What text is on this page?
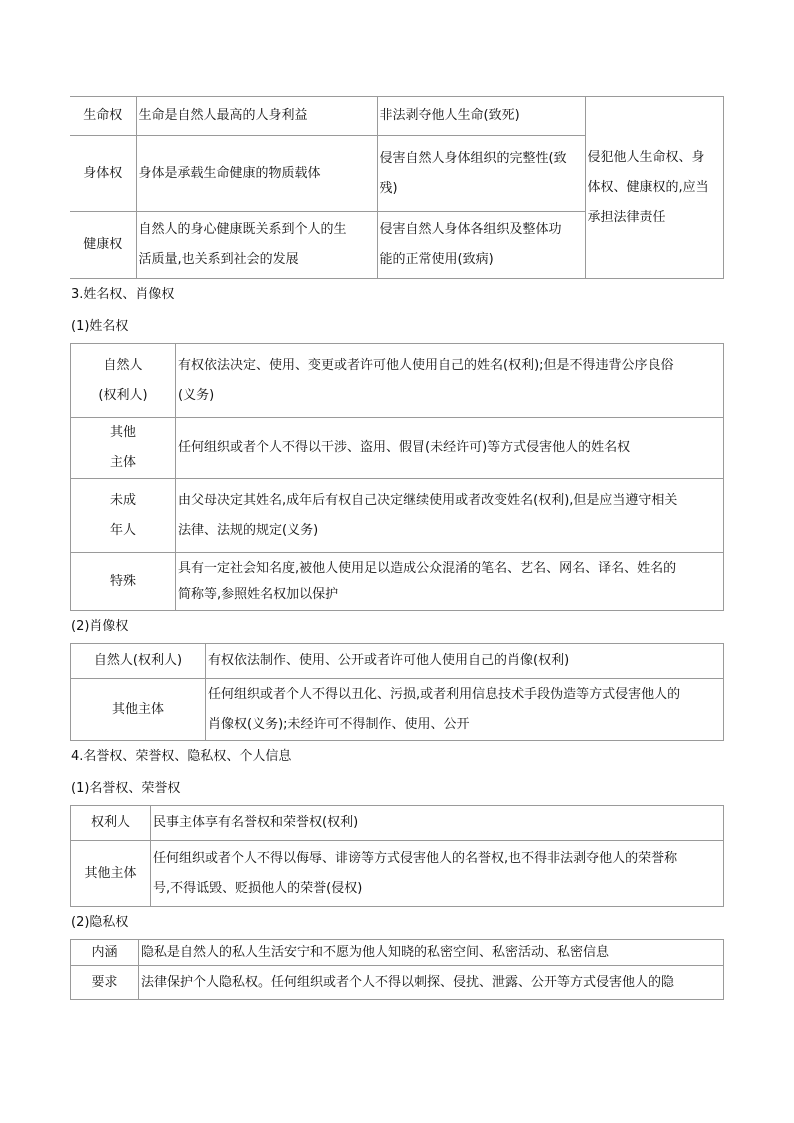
生命权	生命是自然人最高的人身利益	非法剥夺他人生命(致死)	侵犯他人生命权、身
体权、健康权的,应当
承担法律责任

身体权	身体是承载生命健康的物质载体	侵害自然人身体组织的完整性(致
残)	

健康权	自然人的身心健康既关系到个人的生
活质量,也关系到社会的发展	侵害自然人身体各组织及整体功
能的正常使用(致病)	
3.姓名权、肖像权
(1)姓名权
自然人
(权利人)	有权依法决定、使用、变更或者许可他人使用自己的姓名(权利);但是不得违背公序良俗
(义务)

其他
主体	任何组织或者个人不得以干涉、盗用、假冒(未经许可)等方式侵害他人的姓名权

未成
年人	由父母决定其姓名,成年后有权自己决定继续使用或者改变姓名(权利),但是应当遵守相关
法律、法规的规定(义务)

特殊	具有一定社会知名度,被他人使用足以造成公众混淆的笔名、艺名、网名、译名、姓名的
简称等,参照姓名权加以保护
(2)肖像权
自然人(权利人)	有权依法制作、使用、公开或者许可他人使用自己的肖像(权利)
其他主体	任何组织或者个人不得以丑化、污损,或者利用信息技术手段伪造等方式侵害他人的
肖像权(义务);未经许可不得制作、使用、公开
4.名誉权、荣誉权、隐私权、个人信息
(1)名誉权、荣誉权
权利人	民事主体享有名誉权和荣誉权(权利)
其他主体	任何组织或者个人不得以侮辱、诽谤等方式侵害他人的名誉权,也不得非法剥夺他人的荣誉称
号,不得诋毁、贬损他人的荣誉(侵权)
(2)隐私权
内涵	隐私是自然人的私人生活安宁和不愿为他人知晓的私密空间、私密活动、私密信息
要求	法律保护个人隐私权。任何组织或者个人不得以刺探、侵扰、泄露、公开等方式侵害他人的隐
